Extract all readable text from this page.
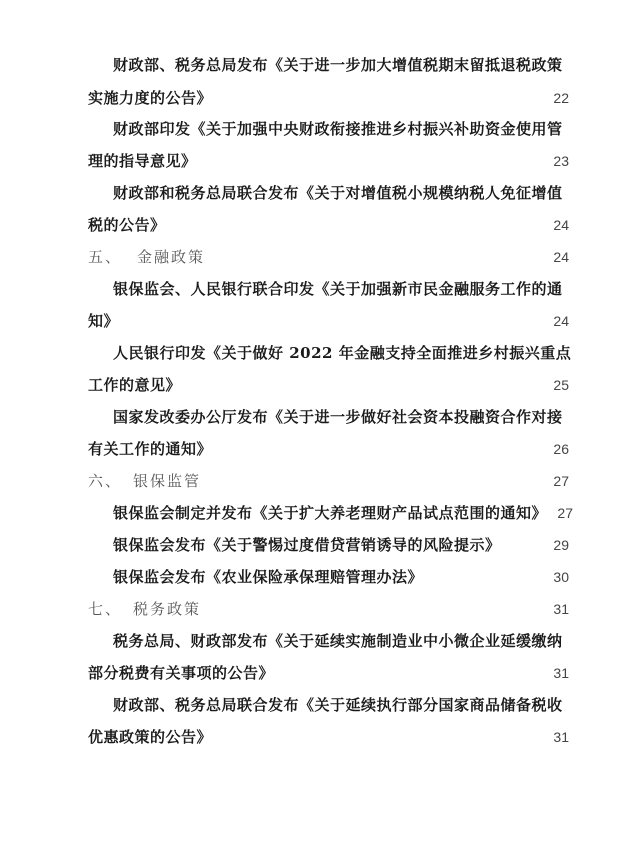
财政部、税务总局发布《关于进一步加大增值税期末留抵退税政策
实施力度的公告》	22
财政部印发《关于加强中央财政衔接推进乡村振兴补助资金使用管
理的指导意见》	23
财政部和税务总局联合发布《关于对增值税小规模纳税人免征增值
税的公告》	24
五、 金融政策	24
银保监会、人民银行联合印发《关于加强新市民金融服务工作的通
知》	24
人民银行印发《关于做好 2022 年金融支持全面推进乡村振兴重点
工作的意见》	25
国家发改委办公厅发布《关于进一步做好社会资本投融资合作对接
有关工作的通知》	26
六、 银保监管	27
银保监会制定并发布《关于扩大养老理财产品试点范围的通知》 27
银保监会发布《关于警惕过度借贷营销诱导的风险提示》	29
银保监会发布《农业保险承保理赔管理办法》	30
七、 税务政策	31
税务总局、财政部发布《关于延续实施制造业中小微企业延缓缴纳
部分税费有关事项的公告》	31
财政部、税务总局联合发布《关于延续执行部分国家商品储备税收
优惠政策的公告》	31
